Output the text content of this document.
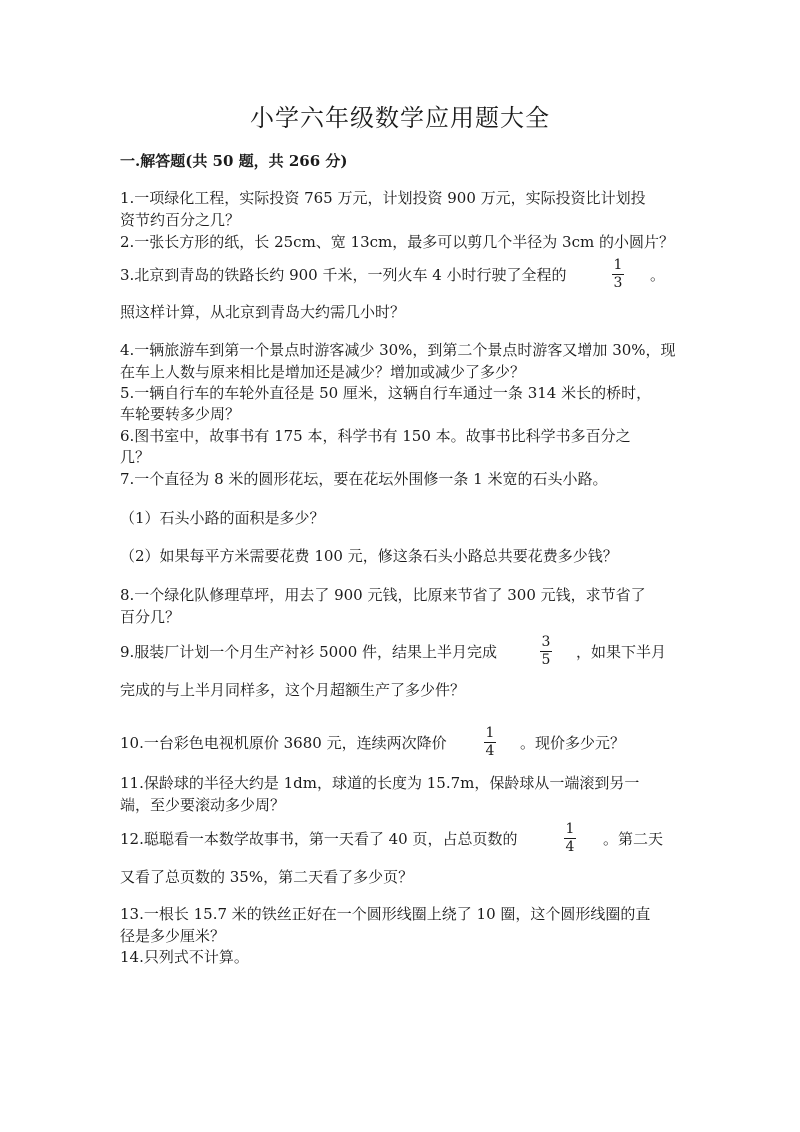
小学六年级数学应用题大全
一.解答题(共 50 题，共 266 分)
1.一项绿化工程，实际投资 765 万元，计划投资 900 万元，实际投资比计划投
资节约百分之几？
2.一张长方形的纸，长 25cm、宽 13cm，最多可以剪几个半径为 3cm 的小圆片？
3.北京到青岛的铁路长约 900 千米，一列火车 4 小时行驶了全程的
1
3 。
照这样计算，从北京到青岛大约需几小时？
4.一辆旅游车到第一个景点时游客减少 30%，到第二个景点时游客又增加 30%，现
在车上人数与原来相比是增加还是减少？增加或减少了多少？
5.一辆自行车的车轮外直径是 50 厘米，这辆自行车通过一条 314 米长的桥时，
车轮要转多少周？
6.图书室中，故事书有 175 本，科学书有 150 本。故事书比科学书多百分之
几？
7.一个直径为 8 米的圆形花坛，要在花坛外围修一条 1 米宽的石头小路。
（1）石头小路的面积是多少？
（2）如果每平方米需要花费 100 元，修这条石头小路总共要花费多少钱？
8.一个绿化队修理草坪，用去了 900 元钱，比原来节省了 300 元钱，求节省了
百分几？
9.服装厂计划一个月生产衬衫 5000 件，结果上半月完成
3
5 ，如果下半月
完成的与上半月同样多，这个月超额生产了多少件？
10.一台彩色电视机原价 3680 元，连续两次降价
1
4 。现价多少元？
11.保龄球的半径大约是 1dm，球道的长度为 15.7m，保龄球从一端滚到另一
端，至少要滚动多少周？
12.聪聪看一本数学故事书，第一天看了 40 页，占总页数的
1
4 。第二天
又看了总页数的 35%，第二天看了多少页？
13.一根长 15.7 米的铁丝正好在一个圆形线圈上绕了 10 圈，这个圆形线圈的直
径是多少厘米？
14.只列式不计算。
